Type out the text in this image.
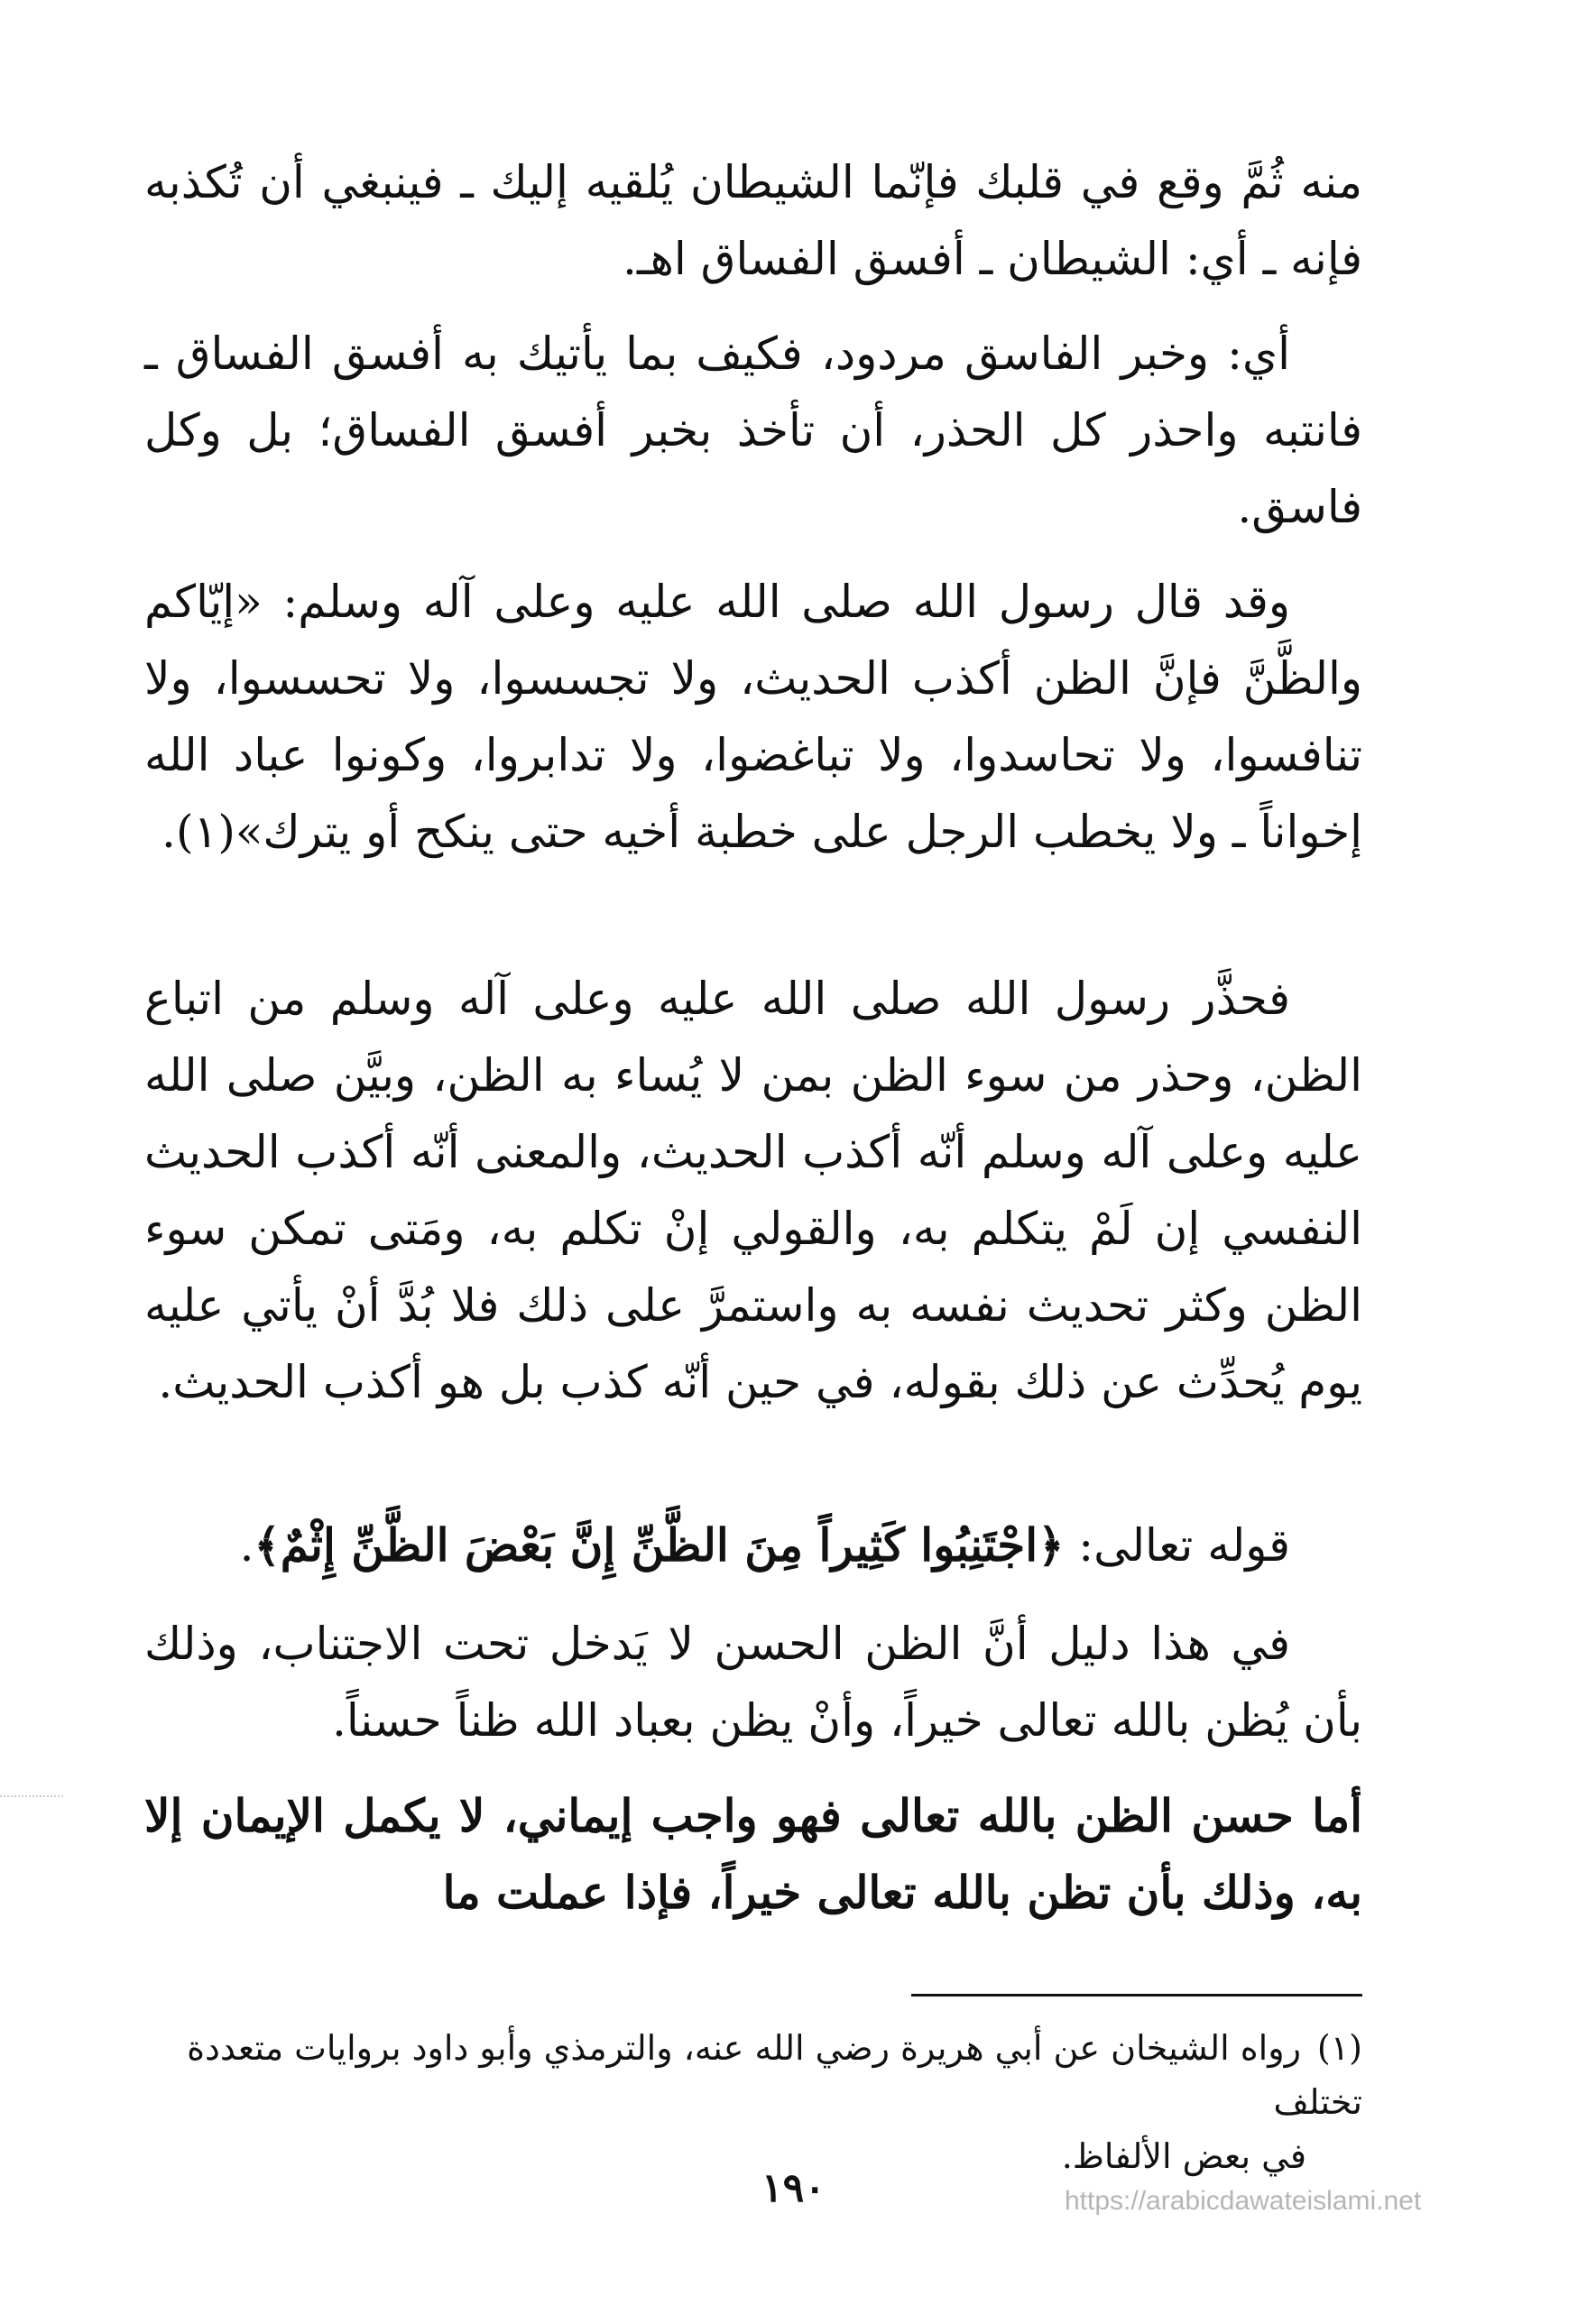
منه ثُمَّ وقع في قلبك فإنّما الشيطان يُلقيه إليك ـ فينبغي أن تُكذبه فإنه ـ أي: الشيطان ـ أفسق الفساق اهـ.

أي: وخبر الفاسق مردود، فكيف بما يأتيك به أفسق الفساق ـ فانتبه واحذر كل الحذر، أن تأخذ بخبر أفسق الفساق؛ بل وكل فاسق.

وقد قال رسول الله صلى الله عليه وعلى آله وسلم: «إيّاكم والظَّنَّ فإنَّ الظن أكذب الحديث، ولا تجسسوا، ولا تحسسوا، ولا تنافسوا، ولا تحاسدوا، ولا تباغضوا، ولا تدابروا، وكونوا عباد الله إخواناً ـ ولا يخطب الرجل على خطبة أخيه حتى ينكح أو يترك»(١).

فحذَّر رسول الله صلى الله عليه وعلى آله وسلم من اتباع الظن، وحذر من سوء الظن بمن لا يُساء به الظن، وبيَّن صلى الله عليه وعلى آله وسلم أنّه أكذب الحديث، والمعنى أنّه أكذب الحديث النفسي إن لَمْ يتكلم به، والقولي إنْ تكلم به، ومَتى تمكن سوء الظن وكثر تحديث نفسه به واستمرَّ على ذلك فلا بُدَّ أنْ يأتي عليه يوم يُحدِّث عن ذلك بقوله، في حين أنّه كذب بل هو أكذب الحديث.

قوله تعالى: ﴿اجْتَنِبُوا كَثِيراً مِنَ الظَّنِّ إِنَّ بَعْضَ الظَّنِّ إِثْمٌ﴾.

في هذا دليل أنَّ الظن الحسن لا يَدخل تحت الاجتناب، وذلك بأن يُظن بالله تعالى خيراً، وأنْ يظن بعباد الله ظناً حسناً.

أما حسن الظن بالله تعالى فهو واجب إيماني، لا يكمل الإيمان إلا به، وذلك بأن تظن بالله تعالى خيراً، فإذا عملت ما

(١)رواه الشيخان عن أبي هريرة رضي الله عنه، والترمذي وأبو داود بروايات متعددة تختلف
في بعض الألفاظ.
١٩٠	https://arabicdawateislami.net
